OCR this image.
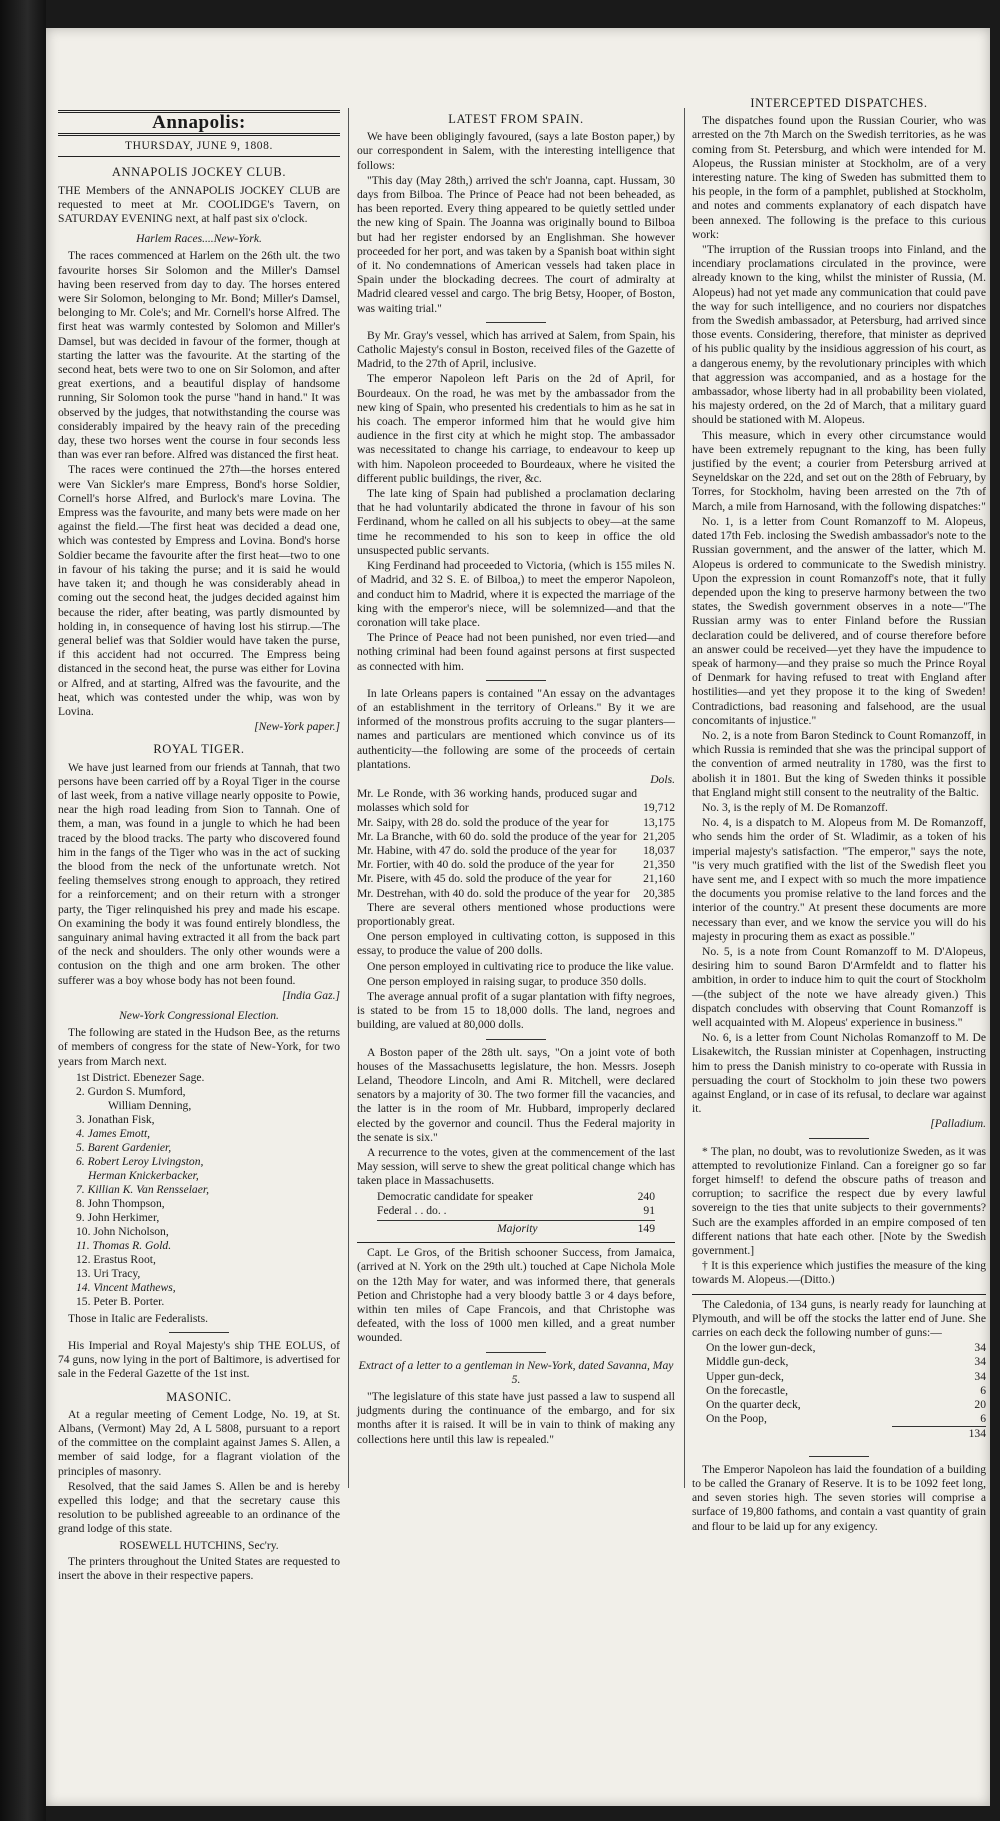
Annapolis:
THURSDAY, JUNE 9, 1808.
ANNAPOLIS JOCKEY CLUB.

THE Members of the ANNAPOLIS JOCKEY CLUB are requested to meet at Mr. COOLIDGE's Tavern, on SATURDAY EVENING next, at half past six o'clock.

Harlem Races....New-York.

The races commenced at Harlem on the 26th ult. the two favourite horses Sir Solomon and the Miller's Damsel having been reserved from day to day. The horses entered were Sir Solomon, belonging to Mr. Bond; Miller's Damsel, belonging to Mr. Cole's; and Mr. Cornell's horse Alfred. The first heat was warmly contested by Solomon and Miller's Damsel, but was decided in favour of the former, though at starting the latter was the favourite. At the starting of the second heat, bets were two to one on Sir Solomon, and after great exertions, and a beautiful display of handsome running, Sir Solomon took the purse "hand in hand." It was observed by the judges, that notwithstanding the course was considerably impaired by the heavy rain of the preceding day, these two horses went the course in four seconds less than was ever ran before. Alfred was distanced the first heat.

The races were continued the 27th—the horses entered were Van Sickler's mare Empress, Bond's horse Soldier, Cornell's horse Alfred, and Burlock's mare Lovina. The Empress was the favourite, and many bets were made on her against the field.—The first heat was decided a dead one, which was contested by Empress and Lovina. Bond's horse Soldier became the favourite after the first heat—two to one in favour of his taking the purse; and it is said he would have taken it; and though he was considerably ahead in coming out the second heat, the judges decided against him because the rider, after beating, was partly dismounted by holding in, in consequence of having lost his stirrup.—The general belief was that Soldier would have taken the purse, if this accident had not occurred. The Empress being distanced in the second heat, the purse was either for Lovina or Alfred, and at starting, Alfred was the favourite, and the heat, which was contested under the whip, was won by Lovina.

[New-York paper.]
ROYAL TIGER.

We have just learned from our friends at Tannah, that two persons have been carried off by a Royal Tiger in the course of last week, from a native village nearly opposite to Powie, near the high road leading from Sion to Tannah. One of them, a man, was found in a jungle to which he had been traced by the blood tracks. The party who discovered found him in the fangs of the Tiger who was in the act of sucking the blood from the neck of the unfortunate wretch. Not feeling themselves strong enough to approach, they retired for a reinforcement; and on their return with a stronger party, the Tiger relinquished his prey and made his escape. On examining the body it was found entirely blondless, the sanguinary animal having extracted it all from the back part of the neck and shoulders. The only other wounds were a contusion on the thigh and one arm broken. The other sufferer was a boy whose body has not been found.

[India Gaz.]
New-York Congressional Election.

The following are stated in the Hudson Bee, as the returns of members of congress for the state of New-York, for two years from March next.

1st District. Ebenezer Sage.
2. Gurdon S. Mumford,
William Denning,
3. Jonathan Fisk,
4. James Emott,
5. Barent Gardenier,
6. Robert Leroy Livingston,
Herman Knickerbacker,
7. Killian K. Van Rensselaer,
8. John Thompson,
9. John Herkimer,
10. John Nicholson,
11. Thomas R. Gold.
12. Erastus Root,
13. Uri Tracy,
14. Vincent Mathews,
15. Peter B. Porter.

Those in Italic are Federalists.

His Imperial and Royal Majesty's ship THE EOLUS, of 74 guns, now lying in the port of Baltimore, is advertised for sale in the Federal Gazette of the 1st inst.

MASONIC.

At a regular meeting of Cement Lodge, No. 19, at St. Albans, (Vermont) May 2d, A L 5808, pursuant to a report of the committee on the complaint against James S. Allen, a member of said lodge, for a flagrant violation of the principles of masonry.

Resolved, that the said James S. Allen be and is hereby expelled this lodge; and that the secretary cause this resolution to be published agreeable to an ordinance of the grand lodge of this state.

ROSEWELL HUTCHINS, Sec'ry.

The printers throughout the United States are requested to insert the above in their respective papers.

LATEST FROM SPAIN.

We have been obligingly favoured, (says a late Boston paper,) by our correspondent in Salem, with the interesting intelligence that follows:

"This day (May 28th,) arrived the sch'r Joanna, capt. Hussam, 30 days from Bilboa. The Prince of Peace had not been beheaded, as has been reported. Every thing appeared to be quietly settled under the new king of Spain. The Joanna was originally bound to Bilboa but had her register endorsed by an Englishman. She however proceeded for her port, and was taken by a Spanish boat within sight of it. No condemnations of American vessels had taken place in Spain under the blockading decrees. The court of admiralty at Madrid cleared vessel and cargo. The brig Betsy, Hooper, of Boston, was waiting trial."

By Mr. Gray's vessel, which has arrived at Salem, from Spain, his Catholic Majesty's consul in Boston, received files of the Gazette of Madrid, to the 27th of April, inclusive.

The emperor Napoleon left Paris on the 2d of April, for Bourdeaux. On the road, he was met by the ambassador from the new king of Spain, who presented his credentials to him as he sat in his coach. The emperor informed him that he would give him audience in the first city at which he might stop. The ambassador was necessitated to change his carriage, to endeavour to keep up with him. Napoleon proceeded to Bourdeaux, where he visited the different public buildings, the river, &c.

The late king of Spain had published a proclamation declaring that he had voluntarily abdicated the throne in favour of his son Ferdinand, whom he called on all his subjects to obey—at the same time he recommended to his son to keep in office the old unsuspected public servants.

King Ferdinand had proceeded to Victoria, (which is 155 miles N. of Madrid, and 32 S. E. of Bilboa,) to meet the emperor Napoleon, and conduct him to Madrid, where it is expected the marriage of the king with the emperor's niece, will be solemnized—and that the coronation will take place.

The Prince of Peace had not been punished, nor even tried—and nothing criminal had been found against persons at first suspected as connected with him.

In late Orleans papers is contained "An essay on the advantages of an establishment in the territory of Orleans." By it we are informed of the monstrous profits accruing to the sugar planters—names and particulars are mentioned which convince us of its authenticity—the following are some of the proceeds of certain plantations.

Dols.
Mr. Le Ronde, with 36 working hands, produced sugar and molasses which sold for	19,712
Mr. Saipy, with 28 do. sold the produce of the year for	13,175
Mr. La Branche, with 60 do. sold the produce of the year for 21,205
Mr. Habine, with 47 do. sold the produce of the year for 18,037
Mr. Fortier, with 40 do. sold the produce of the year for 21,350
Mr. Pisere, with 45 do. sold the produce of the year for	21,160
Mr. Destrehan, with 40 do. sold the produce of the year for 20,385

There are several others mentioned whose productions were proportionably great.

One person employed in cultivating cotton, is supposed in this essay, to produce the value of 200 dolls.

One person employed in cultivating rice to produce the like value.

One person employed in raising sugar, to produce 350 dolls.

The average annual profit of a sugar plantation with fifty negroes, is stated to be from 15 to 18,000 dolls. The land, negroes and building, are valued at 80,000 dolls.

A Boston paper of the 28th ult. says, "On a joint vote of both houses of the Massachusetts legislature, the hon. Messrs. Joseph Leland, Theodore Lincoln, and Ami R. Mitchell, were declared senators by a majority of 30. The two former fill the vacancies, and the latter is in the room of Mr. Hubbard, improperly declared elected by the governor and council. Thus the Federal majority in the senate is six."

A recurrence to the votes, given at the commencement of the last May session, will serve to shew the great political change which has taken place in Massachusetts.

Democratic candidate for speaker	240
Federal . . do. .	91
Majority	149

Capt. Le Gros, of the British schooner Success, from Jamaica, (arrived at N. York on the 29th ult.) touched at Cape Nichola Mole on the 12th May for water, and was informed there, that generals Petion and Christophe had a very bloody battle 3 or 4 days before, within ten miles of Cape Francois, and that Christophe was defeated, with the loss of 1000 men killed, and a great number wounded.

Extract of a letter to a gentleman in New-York, dated Savanna, May 5.

"The legislature of this state have just passed a law to suspend all judgments during the continuance of the embargo, and for six months after it is raised. It will be in vain to think of making any collections here until this law is repealed."

INTERCEPTED DISPATCHES.

The dispatches found upon the Russian Courier, who was arrested on the 7th March on the Swedish territories, as he was coming from St. Petersburg, and which were intended for M. Alopeus, the Russian minister at Stockholm, are of a very interesting nature. The king of Sweden has submitted them to his people, in the form of a pamphlet, published at Stockholm, and notes and comments explanatory of each dispatch have been annexed. The following is the preface to this curious work:

"The irruption of the Russian troops into Finland, and the incendiary proclamations circulated in the province, were already known to the king, whilst the minister of Russia, (M. Alopeus) had not yet made any communication that could pave the way for such intelligence, and no couriers nor dispatches from the Swedish ambassador, at Petersburg, had arrived since those events. Considering, therefore, that minister as deprived of his public quality by the insidious aggression of his court, as a dangerous enemy, by the revolutionary principles with which that aggression was accompanied, and as a hostage for the ambassador, whose liberty had in all probability been violated, his majesty ordered, on the 2d of March, that a military guard should be stationed with M. Alopeus.

This measure, which in every other circumstance would have been extremely repugnant to the king, has been fully justified by the event; a courier from Petersburg arrived at Seyneldskar on the 22d, and set out on the 28th of February, by Torres, for Stockholm, having been arrested on the 7th of March, a mile from Harnosand, with the following dispatches:"

No. 1, is a letter from Count Romanzoff to M. Alopeus, dated 17th Feb. inclosing the Swedish ambassador's note to the Russian government, and the answer of the latter, which M. Alopeus is ordered to communicate to the Swedish ministry. Upon the expression in count Romanzoff's note, that it fully depended upon the king to preserve harmony between the two states, the Swedish government observes in a note—"The Russian army was to enter Finland before the Russian declaration could be delivered, and of course therefore before an answer could be received—yet they have the impudence to speak of harmony—and they praise so much the Prince Royal of Denmark for having refused to treat with England after hostilities—and yet they propose it to the king of Sweden! Contradictions, bad reasoning and falsehood, are the usual concomitants of injustice."

No. 2, is a note from Baron Stedinck to Count Romanzoff, in which Russia is reminded that she was the principal support of the convention of armed neutrality in 1780, was the first to abolish it in 1801. But the king of Sweden thinks it possible that England might still consent to the neutrality of the Baltic.

No. 3, is the reply of M. De Romanzoff.

No. 4, is a dispatch to M. Alopeus from M. De Romanzoff, who sends him the order of St. Wladimir, as a token of his imperial majesty's satisfaction. "The emperor," says the note, "is very much gratified with the list of the Swedish fleet you have sent me, and I expect with so much the more impatience the documents you promise relative to the land forces and the interior of the country." At present these documents are more necessary than ever, and we know the service you will do his majesty in procuring them as exact as possible."

No. 5, is a note from Count Romanzoff to M. D'Alopeus, desiring him to sound Baron D'Armfeldt and to flatter his ambition, in order to induce him to quit the court of Stockholm—(the subject of the note we have already given.) This dispatch concludes with observing that Count Romanzoff is well acquainted with M. Alopeus' experience in business."

No. 6, is a letter from Count Nicholas Romanzoff to M. De Lisakewitch, the Russian minister at Copenhagen, instructing him to press the Danish ministry to co-operate with Russia in persuading the court of Stockholm to join these two powers against England, or in case of its refusal, to declare war against it.

[Palladium.

* The plan, no doubt, was to revolutionize Sweden, as it was attempted to revolutionize Finland. Can a foreigner go so far forget himself! to defend the obscure paths of treason and corruption; to sacrifice the respect due by every lawful sovereign to the ties that unite subjects to their governments? Such are the examples afforded in an empire composed of ten different nations that hate each other. [Note by the Swedish government.]

† It is this experience which justifies the measure of the king towards M. Alopeus.—(Ditto.)

The Caledonia, of 134 guns, is nearly ready for launching at Plymouth, and will be off the stocks the latter end of June. She carries on each deck the following number of guns:—

On the lower gun-deck,	34
Middle gun-deck,	34
Upper gun-deck,	34
On the forecastle,	6
On the quarter deck,	20
On the Poop,	6
134

The Emperor Napoleon has laid the foundation of a building to be called the Granary of Reserve. It is to be 1092 feet long, and seven stories high. The seven stories will comprise a surface of 19,800 fathoms, and contain a vast quantity of grain and flour to be laid up for any exigency.
